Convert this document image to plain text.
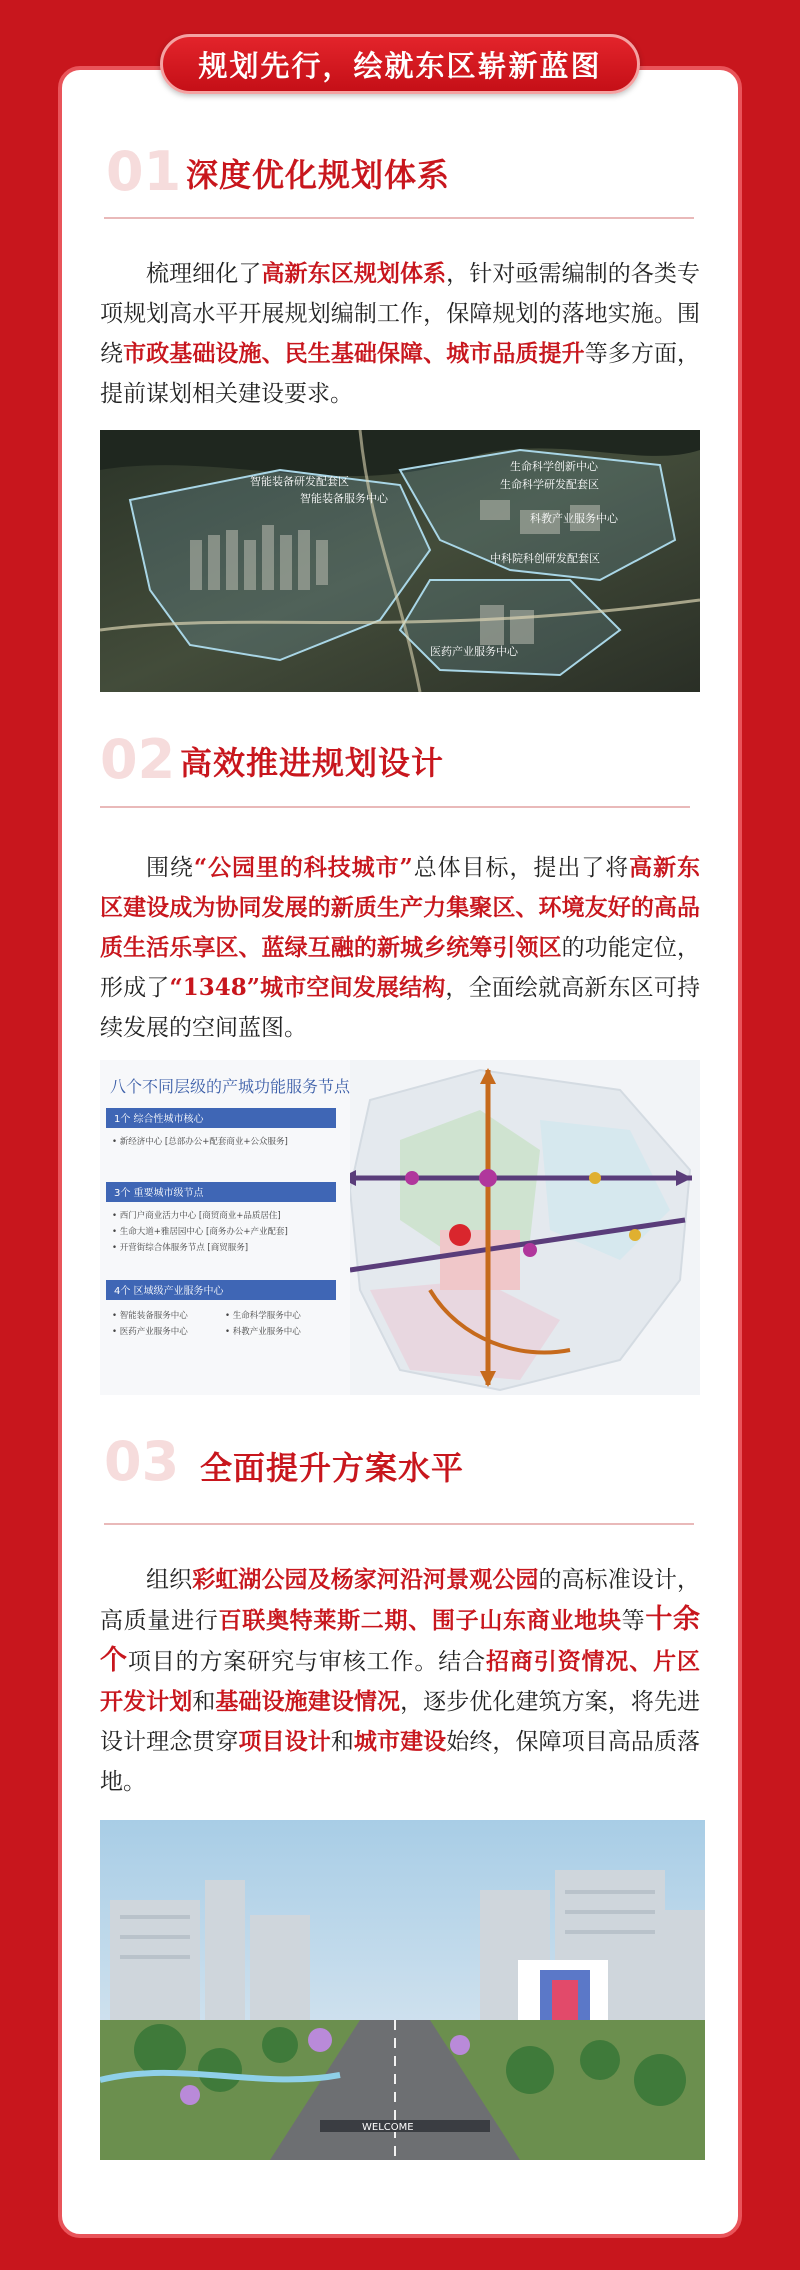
规划先行，绘就东区崭新蓝图
01 深度优化规划体系

梳理细化了高新东区规划体系，针对亟需编制的各类专项规划高水平开展规划编制工作，保障规划的落地实施。围绕市政基础设施、民生基础保障、城市品质提升等多方面，提前谋划相关建设要求。

智能装备研发配套区
智能装备服务中心
生命科学创新中心
生命科学研发配套区
科教产业服务中心
中科院科创研发配套区
医药产业服务中心
02 高效推进规划设计

围绕“公园里的科技城市”总体目标，提出了将高新东区建设成为协同发展的新质生产力集聚区、环境友好的高品质生活乐享区、蓝绿互融的新城乡统筹引领区的功能定位，形成了“1348”城市空间发展结构，全面绘就高新东区可持续发展的空间蓝图。

八个不同层级的产城功能服务节点
1个 综合性城市核心
• 新经济中心 [总部办公+配套商业+公众服务]
3个 重要城市级节点
• 西门户商业活力中心 [商贸商业+品质居住]
• 生命大道+雅居园中心 [商务办公+产业配套]
• 开营街综合体服务节点 [商贸服务]
4个 区域级产业服务中心
• 智能装备服务中心	• 生命科学服务中心
• 医药产业服务中心	• 科教产业服务中心
03 全面提升方案水平

组织彩虹湖公园及杨家河沿河景观公园的高标准设计，高质量进行百联奥特莱斯二期、围子山东商业地块等十余个项目的方案研究与审核工作。结合招商引资情况、片区开发计划和基础设施建设情况，逐步优化建筑方案，将先进设计理念贯穿项目设计和城市建设始终，保障项目高品质落地。

WELCOME
